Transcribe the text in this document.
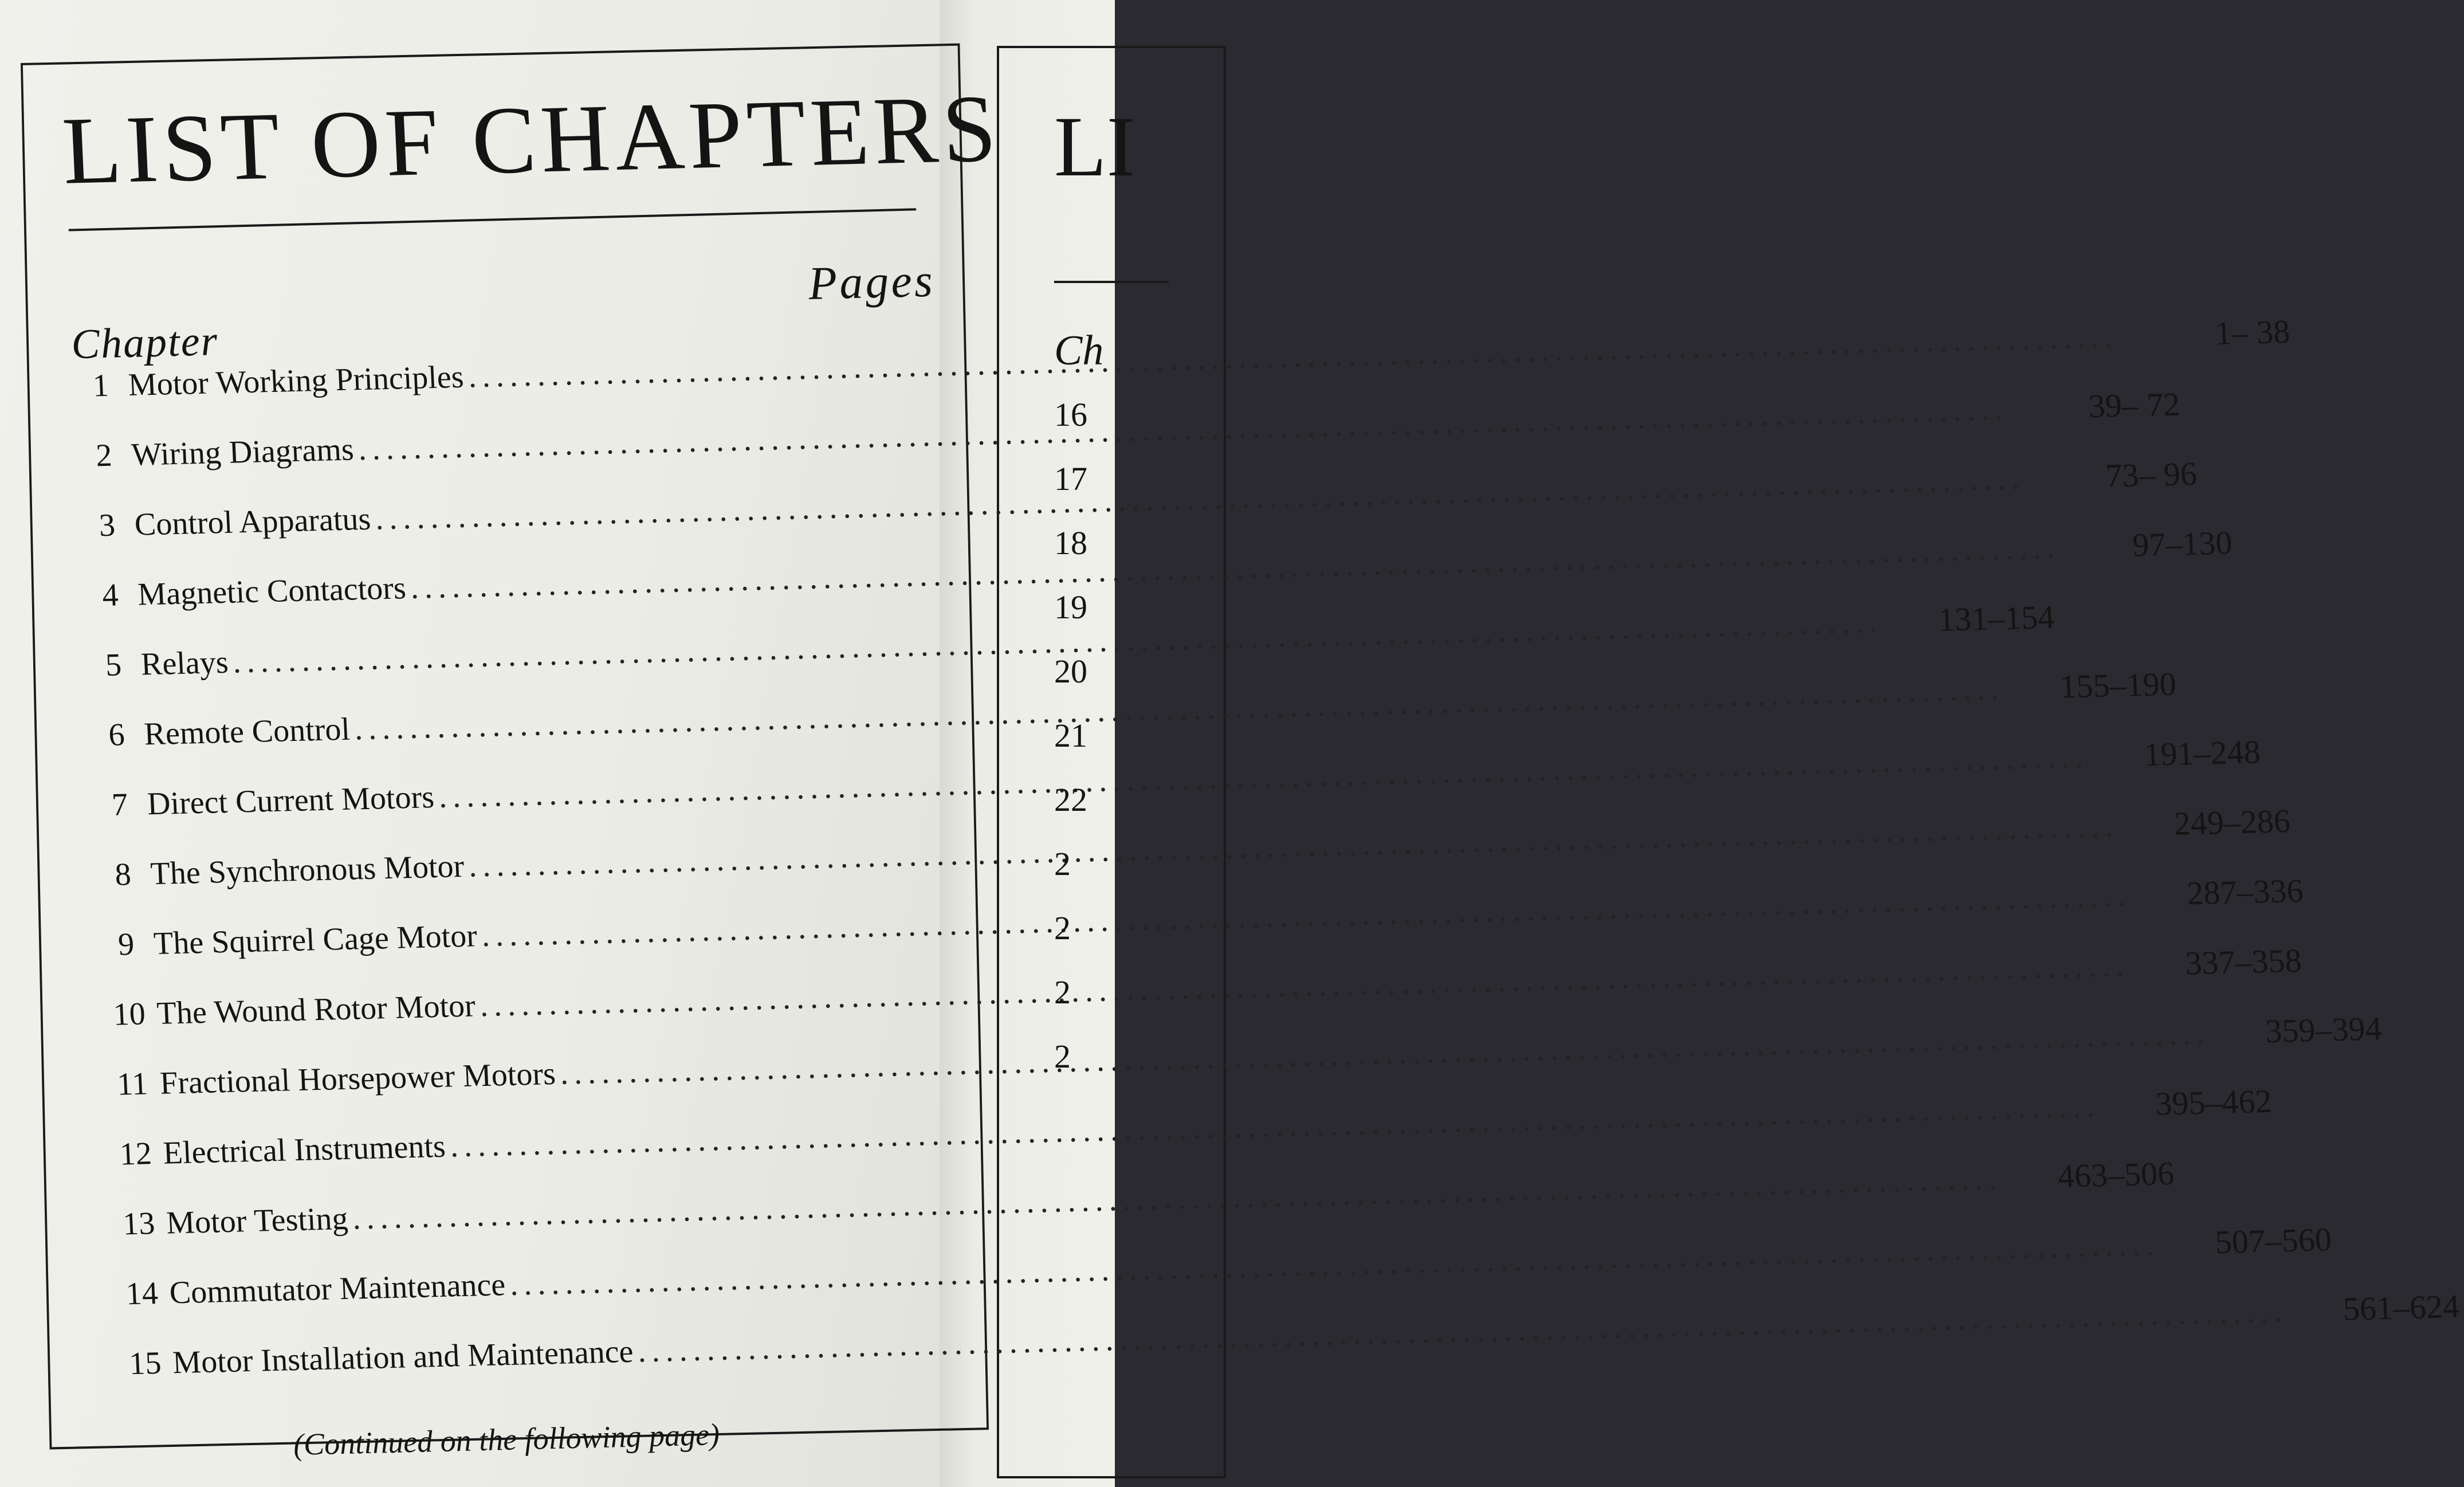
LIST OF CHAPTERS
Pages
Chapter
1 Motor Working Principles
.....
1– 38
2 Wiring Diagrams
.....
39– 72
3 Control Apparatus
.....
73– 96
4 Magnetic Contactors
.....
97–130
5 Relays
.....
131–154
6 Remote Control
.....
155–190
7 Direct Current Motors
.....
191–248
8 The Synchronous Motor
.....
249–286
9 The Squirrel Cage Motor
.....
287–336
10 The Wound Rotor Motor
.....
337–358
11 Fractional Horsepower Motors
.....
359–394
12 Electrical Instruments
.....
395–462
13 Motor Testing
.....
463–506
14 Commutator Maintenance
.....
507–560
15 Motor Installation and Maintenance
.....
561–624
(Continued on the following page)
LI
Ch
16
17
18
19
20
21
22
2
2
2
2
